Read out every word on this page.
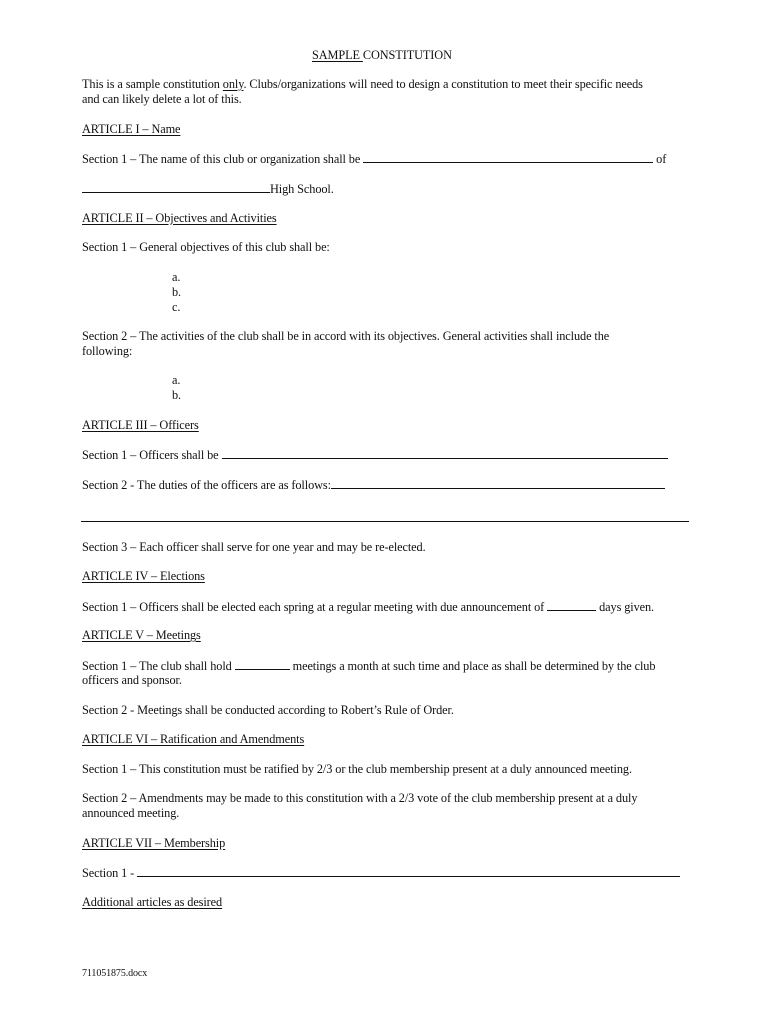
SAMPLE CONSTITUTION
This is a sample constitution only. Clubs/organizations will need to design a constitution to meet their specific needs
and can likely delete a lot of this.
ARTICLE I – Name
Section 1 – The name of this club or organization shall be	of
High School.
ARTICLE II – Objectives and Activities
Section 1 – General objectives of this club shall be:
a.
b.
c.
Section 2 – The activities of the club shall be in accord with its objectives. General activities shall include the
following:
a.
b.
ARTICLE III – Officers
Section 1 – Officers shall be
Section 2 - The duties of the officers are as follows:
Section 3 – Each officer shall serve for one year and may be re-elected.
ARTICLE IV – Elections
Section 1 – Officers shall be elected each spring at a regular meeting with due announcement of	days given.
ARTICLE V – Meetings
Section 1 – The club shall hold	meetings a month at such time and place as shall be determined by the club
officers and sponsor.
Section 2 - Meetings shall be conducted according to Robert’s Rule of Order.
ARTICLE VI – Ratification and Amendments
Section 1 – This constitution must be ratified by 2/3 or the club membership present at a duly announced meeting.
Section 2 – Amendments may be made to this constitution with a 2/3 vote of the club membership present at a duly
announced meeting.
ARTICLE VII – Membership
Section 1 -
Additional articles as desired
711051875.docx
